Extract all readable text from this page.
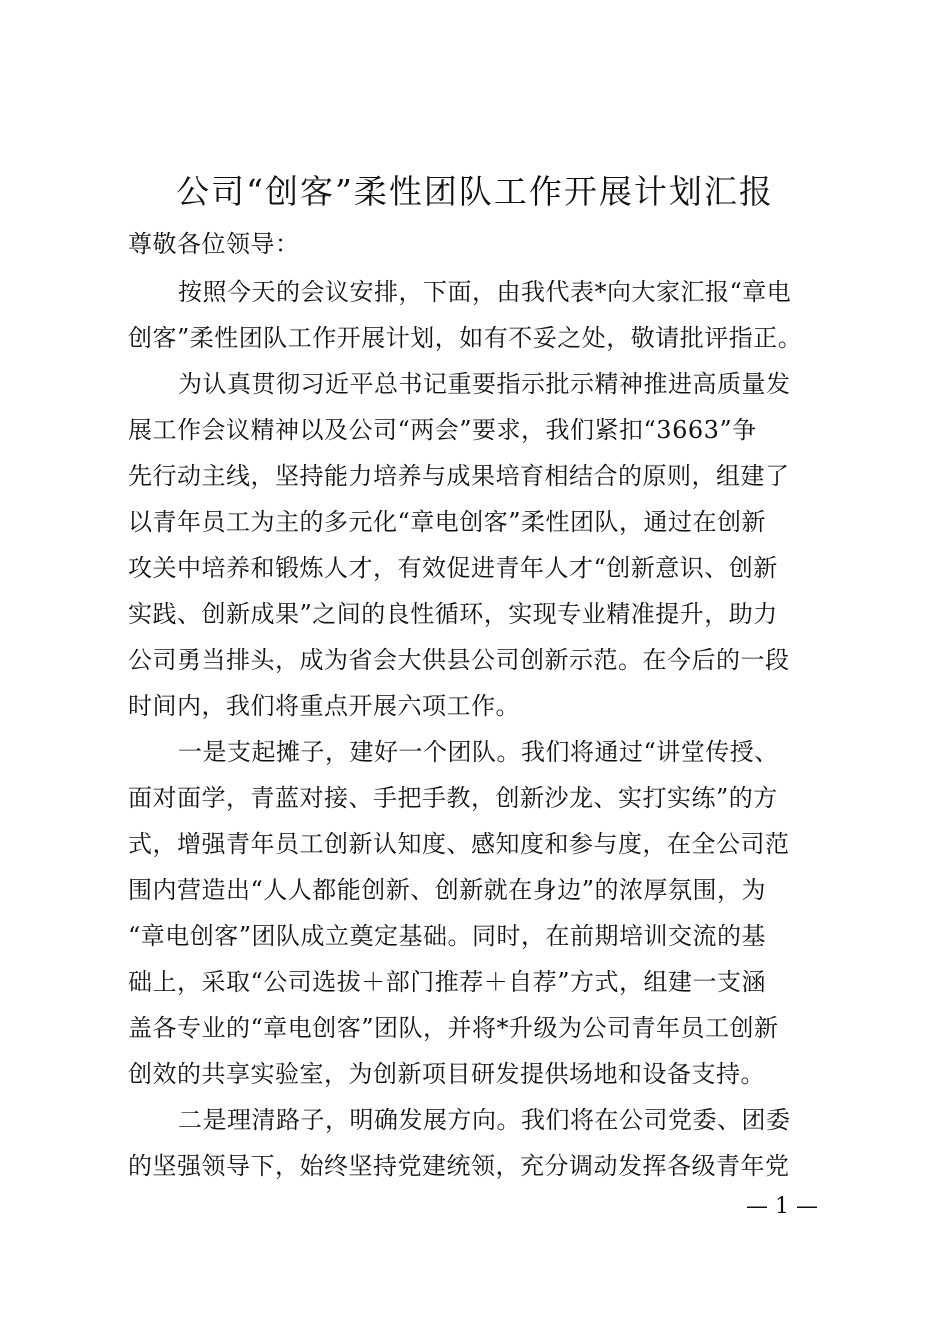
公司“创客”柔性团队工作开展计划汇报
尊敬各位领导：
按照今天的会议安排，下面，由我代表*向大家汇报“章电
创客”柔性团队工作开展计划，如有不妥之处，敬请批评指正。
为认真贯彻习近平总书记重要指示批示精神推进高质量发
展工作会议精神以及公司“两会”要求，我们紧扣“3663”争
先行动主线，坚持能力培养与成果培育相结合的原则，组建了
以青年员工为主的多元化“章电创客”柔性团队，通过在创新
攻关中培养和锻炼人才，有效促进青年人才“创新意识、创新
实践、创新成果”之间的良性循环，实现专业精准提升，助力
公司勇当排头，成为省会大供县公司创新示范。在今后的一段
时间内，我们将重点开展六项工作。
一是支起摊子，建好一个团队。我们将通过“讲堂传授、
面对面学，青蓝对接、手把手教，创新沙龙、实打实练”的方
式，增强青年员工创新认知度、感知度和参与度，在全公司范
围内营造出“人人都能创新、创新就在身边”的浓厚氛围，为
“章电创客”团队成立奠定基础。同时，在前期培训交流的基
础上，采取“公司选拔＋部门推荐＋自荐”方式，组建一支涵
盖各专业的“章电创客”团队，并将*升级为公司青年员工创新
创效的共享实验室，为创新项目研发提供场地和设备支持。
二是理清路子，明确发展方向。我们将在公司党委、团委
的坚强领导下，始终坚持党建统领，充分调动发挥各级青年党
— 1 —
